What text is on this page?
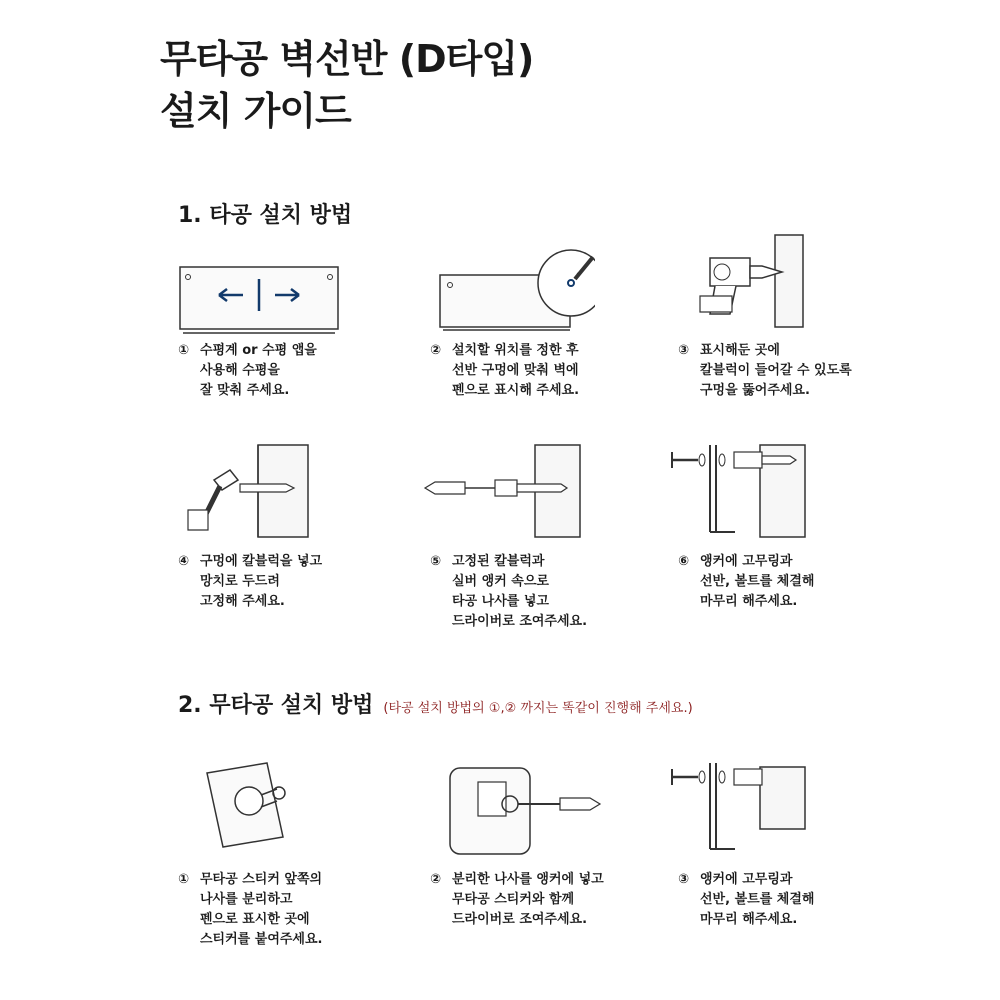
무타공 벽선반 (D타입)
설치 가이드
1. 타공 설치 방법
① 수평계 or 수평 앱을
사용해 수평을
잘 맞춰 주세요.
② 설치할 위치를 정한 후
선반 구멍에 맞춰 벽에
펜으로 표시해 주세요.
③ 표시해둔 곳에
칼블럭이 들어갈 수 있도록
구멍을 뚫어주세요.
④ 구멍에 칼블럭을 넣고
망치로 두드려
고정해 주세요.
⑤ 고정된 칼블럭과
실버 앵커 속으로
타공 나사를 넣고
드라이버로 조여주세요.
⑥ 앵커에 고무링과
선반, 볼트를 체결해
마무리 해주세요.
2. 무타공 설치 방법 (타공 설치 방법의 ①,② 까지는 똑같이 진행해 주세요.)
① 무타공 스티커 앞쪽의
나사를 분리하고
펜으로 표시한 곳에
스티커를 붙여주세요.
② 분리한 나사를 앵커에 넣고
무타공 스티커와 함께
드라이버로 조여주세요.
③ 앵커에 고무링과
선반, 볼트를 체결해
마무리 해주세요.
